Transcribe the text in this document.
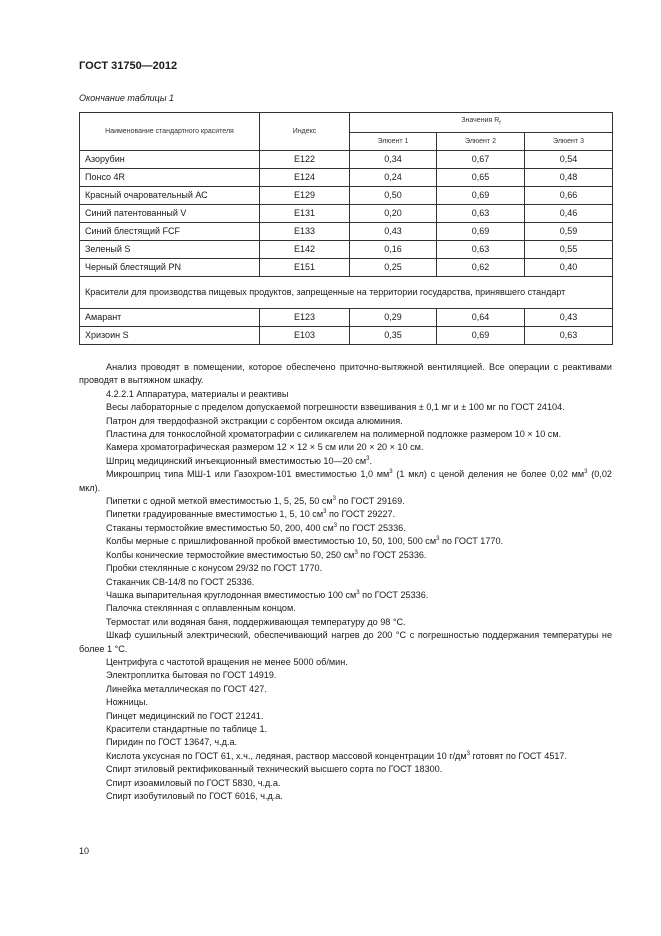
ГОСТ 31750—2012
Окончание таблицы 1
Наименование стандартного красителя	Индекс	Значения $R_f$
		Элюент 1	Элюент 2	Элюент 3
Азорубин	E122	0,34	0,67	0,54
Понсо 4R	E124	0,24	0,65	0,48
Красный очаровательный АС	E129	0,50	0,69	0,66
Синий патентованный V	E131	0,20	0,63	0,46
Синий блестящий FCF	E133	0,43	0,69	0,59
Зеленый S	E142	0,16	0,63	0,55
Черный блестящий PN	E151	0,25	0,62	0,40
Красители для производства пищевых продуктов, запрещенные на территории государства, принявшего стандарт				
Амарант	E123	0,29	0,64	0,43
Хризоин S	E103	0,35	0,69	0,63

Анализ проводят в помещении, которое обеспечено приточно-вытяжной вентиляцией. Все операции с реактивами проводят в вытяжном шкафу.

4.2.2.1 Аппаратура, материалы и реактивы

Весы лабораторные с пределом допускаемой погрешности взвешивания ± 0,1 мг и ± 100 мг по ГОСТ 24104.

Патрон для твердофазной экстракции с сорбентом оксида алюминия.

Пластина для тонкослойной хроматографии с силикагелем на полимерной подложке размером 10 × 10 см.

Камера хроматографическая размером 12 × 12 × 5 см или 20 × 20 × 10 см.

Шприц медицинский инъекционный вместимостью 10—20 $см^3$.

Микрошприц типа МШ-1 или Газохром-101 вместимостью 1,0 $мм^3$ (1 мкл) с ценой деления не более 0,02 $мм^3$ (0,02 мкл).

Пипетки с одной меткой вместимостью 1, 5, 25, 50 $см^3$ по ГОСТ 29169.

Пипетки градуированные вместимостью 1, 5, 10 $см^3$ по ГОСТ 29227.

Стаканы термостойкие вместимостью 50, 200, 400 $см^3$ по ГОСТ 25336.

Колбы мерные с пришлифованной пробкой вместимостью 10, 50, 100, 500 $см^3$ по ГОСТ 1770.

Колбы конические термостойкие вместимостью 50, 250 $см^3$ по ГОСТ 25336.

Пробки стеклянные с конусом 29/32 по ГОСТ 1770.

Стаканчик СВ-14/8 по ГОСТ 25336.

Чашка выпарительная круглодонная вместимостью 100 $см^3$ по ГОСТ 25336.

Палочка стеклянная с оплавленным концом.

Термостат или водяная баня, поддерживающая температуру до 98 °С.

Шкаф сушильный электрический, обеспечивающий нагрев до 200 °С с погрешностью поддержания температуры не более 1 °С.

Центрифуга с частотой вращения не менее 5000 об/мин.

Электроплитка бытовая по ГОСТ 14919.

Линейка металлическая по ГОСТ 427.

Ножницы.

Пинцет медицинский по ГОСТ 21241.

Красители стандартные по таблице 1.

Пиридин по ГОСТ 13647, ч.д.а.

Кислота уксусная по ГОСТ 61, х.ч., ледяная, раствор массовой концентрации 10 $г/дм^3$ готовят по ГОСТ 4517.

Спирт этиловый ректификованный технический высшего сорта по ГОСТ 18300.

Спирт изоамиловый по ГОСТ 5830, ч.д.а.

Спирт изобутиловый по ГОСТ 6016, ч.д.а.

10
